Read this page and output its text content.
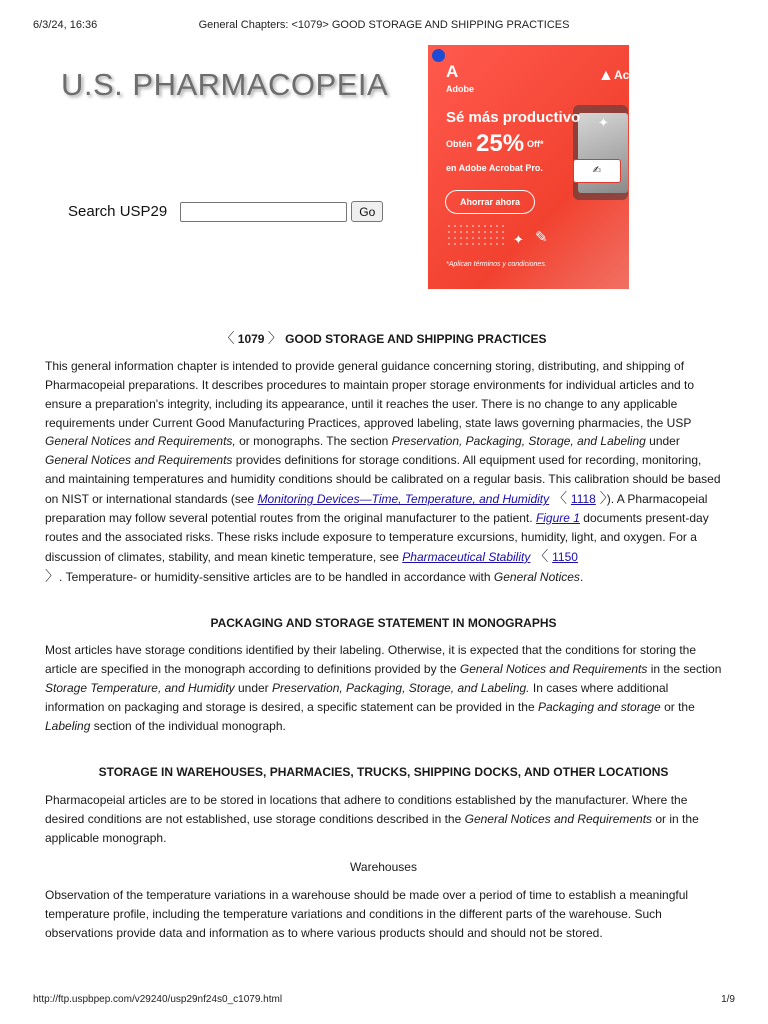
6/3/24, 16:36	General Chapters: <1079> GOOD STORAGE AND SHIPPING PRACTICES
U.S. PHARMACOPEIA
Search USP29	Go
A
Adobe
▲ Ac
Sé más productivo
Obtén 25% Off*
en Adobe Acrobat Pro.
Ahorrar ahora
✍
✦
✦ ✎
*Aplican términos y condiciones.
〈 1079 〉 GOOD STORAGE AND SHIPPING PRACTICES

This general information chapter is intended to provide general guidance concerning storing, distributing, and shipping of Pharmacopeial preparations. It describes procedures to maintain proper storage environments for individual articles and to ensure a preparation's integrity, including its appearance, until it reaches the user. There is no change to any applicable requirements under Current Good Manufacturing Practices, approved labeling, state laws governing pharmacies, the USP General Notices and Requirements, or monographs. The section Preservation, Packaging, Storage, and Labeling under General Notices and Requirements provides definitions for storage conditions. All equipment used for recording, monitoring, and maintaining temperatures and humidity conditions should be calibrated on a regular basis. This calibration should be based on NIST or international standards (see Monitoring Devices—Time, Temperature, and Humidity 〈 1118 〉). A Pharmacopeial preparation may follow several potential routes from the original manufacturer to the patient. Figure 1 documents present-day routes and the associated risks. These risks include exposure to temperature excursions, humidity, light, and oxygen. For a discussion of climates, stability, and mean kinetic temperature, see Pharmaceutical Stability 〈 1150
〉. Temperature- or humidity-sensitive articles are to be handled in accordance with General Notices.

PACKAGING AND STORAGE STATEMENT IN MONOGRAPHS

Most articles have storage conditions identified by their labeling. Otherwise, it is expected that the conditions for storing the article are specified in the monograph according to definitions provided by the General Notices and Requirements in the section Storage Temperature, and Humidity under Preservation, Packaging, Storage, and Labeling. In cases where additional information on packaging and storage is desired, a specific statement can be provided in the Packaging and storage or the Labeling section of the individual monograph.

STORAGE IN WAREHOUSES, PHARMACIES, TRUCKS, SHIPPING DOCKS, AND OTHER LOCATIONS

Pharmacopeial articles are to be stored in locations that adhere to conditions established by the manufacturer. Where the desired conditions are not established, use storage conditions described in the General Notices and Requirements or in the applicable monograph.

Warehouses

Observation of the temperature variations in a warehouse should be made over a period of time to establish a meaningful temperature profile, including the temperature variations and conditions in the different parts of the warehouse. Such observations provide data and information as to where various products should and should not be stored.

http://ftp.uspbpep.com/v29240/usp29nf24s0_c1079.html	1/9
